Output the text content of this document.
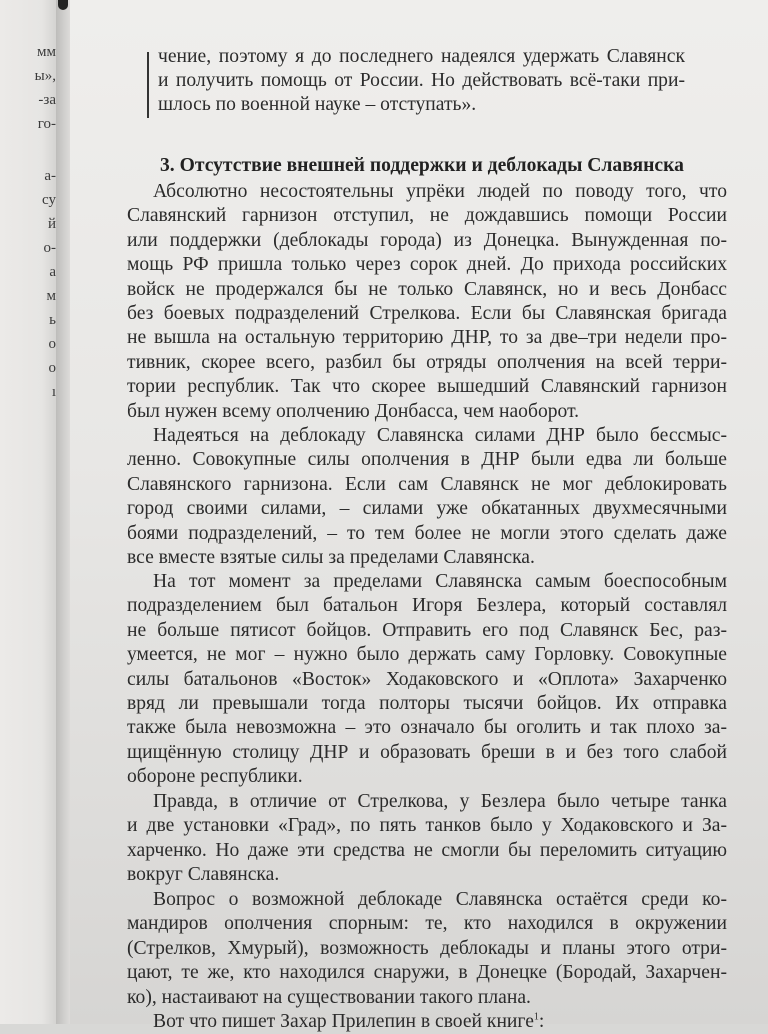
мм
ы»,
-за
го-
а-
су
й
о-
а
м
ь
о
о
ı
чение, поэтому я до последнего надеялся удержать Славянск
и получить помощь от России. Но действовать всё-таки при-
шлось по военной науке – отступать».
3. Отсутствие внешней поддержки и деблокады Славянска
Абсолютно несостоятельны упрёки людей по поводу того, что
Славянский гарнизон отступил, не дождавшись помощи России
или поддержки (деблокады города) из Донецка. Вынужденная по-
мощь РФ пришла только через сорок дней. До прихода российских
войск не продержался бы не только Славянск, но и весь Донбасс
без боевых подразделений Стрелкова. Если бы Славянская бригада
не вышла на остальную территорию ДНР, то за две–три недели про-
тивник, скорее всего, разбил бы отряды ополчения на всей терри-
тории республик. Так что скорее вышедший Славянский гарнизон
был нужен всему ополчению Донбасса, чем наоборот.
Надеяться на деблокаду Славянска силами ДНР было бессмыс-
ленно. Совокупные силы ополчения в ДНР были едва ли больше
Славянского гарнизона. Если сам Славянск не мог деблокировать
город своими силами, – силами уже обкатанных двухмесячными
боями подразделений, – то тем более не могли этого сделать даже
все вместе взятые силы за пределами Славянска.
На тот момент за пределами Славянска самым боеспособным
подразделением был батальон Игоря Безлера, который составлял
не больше пятисот бойцов. Отправить его под Славянск Бес, раз-
умеется, не мог – нужно было держать саму Горловку. Совокупные
силы батальонов «Восток» Ходаковского и «Оплота» Захарченко
вряд ли превышали тогда полторы тысячи бойцов. Их отправка
также была невозможна – это означало бы оголить и так плохо за-
щищённую столицу ДНР и образовать бреши в и без того слабой
обороне республики.
Правда, в отличие от Стрелкова, у Безлера было четыре танка
и две установки «Град», по пять танков было у Ходаковского и За-
харченко. Но даже эти средства не смогли бы переломить ситуацию
вокруг Славянска.
Вопрос о возможной деблокаде Славянска остаётся среди ко-
мандиров ополчения спорным: те, кто находился в окружении
(Стрелков, Хмурый), возможность деблокады и планы этого отри-
цают, те же, кто находился снаружи, в Донецке (Бородай, Захарчен-
ко), настаивают на существовании такого плана.
Вот что пишет Захар Прилепин в своей книге$^1$:
